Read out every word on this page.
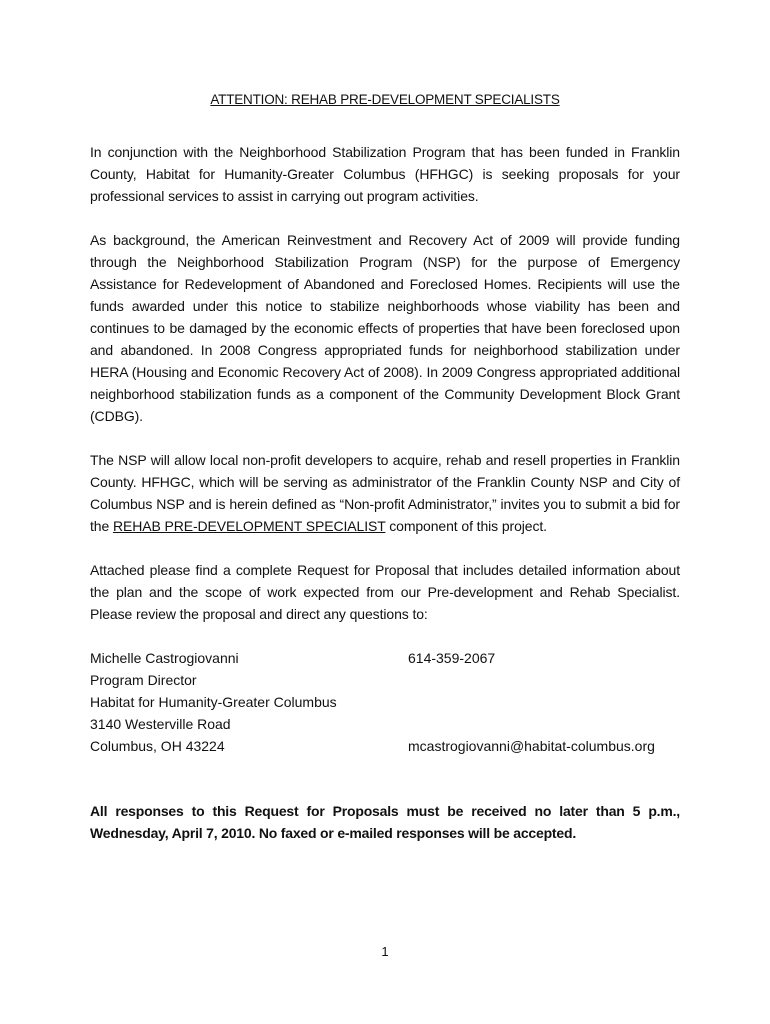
ATTENTION: REHAB PRE-DEVELOPMENT SPECIALISTS
In conjunction with the Neighborhood Stabilization Program that has been funded in Franklin County, Habitat for Humanity-Greater Columbus (HFHGC) is seeking proposals for your professional services to assist in carrying out program activities.
As background, the American Reinvestment and Recovery Act of 2009 will provide funding through the Neighborhood Stabilization Program (NSP) for the purpose of Emergency Assistance for Redevelopment of Abandoned and Foreclosed Homes. Recipients will use the funds awarded under this notice to stabilize neighborhoods whose viability has been and continues to be damaged by the economic effects of properties that have been foreclosed upon and abandoned. In 2008 Congress appropriated funds for neighborhood stabilization under HERA (Housing and Economic Recovery Act of 2008). In 2009 Congress appropriated additional neighborhood stabilization funds as a component of the Community Development Block Grant (CDBG).
The NSP will allow local non-profit developers to acquire, rehab and resell properties in Franklin County. HFHGC, which will be serving as administrator of the Franklin County NSP and City of Columbus NSP and is herein defined as “Non-profit Administrator,” invites you to submit a bid for the REHAB PRE-DEVELOPMENT SPECIALIST component of this project.
Attached please find a complete Request for Proposal that includes detailed information about the plan and the scope of work expected from our Pre-development and Rehab Specialist. Please review the proposal and direct any questions to:
Michelle Castrogiovanni
Program Director
Habitat for Humanity-Greater Columbus
3140 Westerville Road
Columbus, OH 43224
614-359-2067
mcastrogiovanni@habitat-columbus.org
All responses to this Request for Proposals must be received no later than 5 p.m., Wednesday, April 7, 2010. No faxed or e-mailed responses will be accepted.
1
